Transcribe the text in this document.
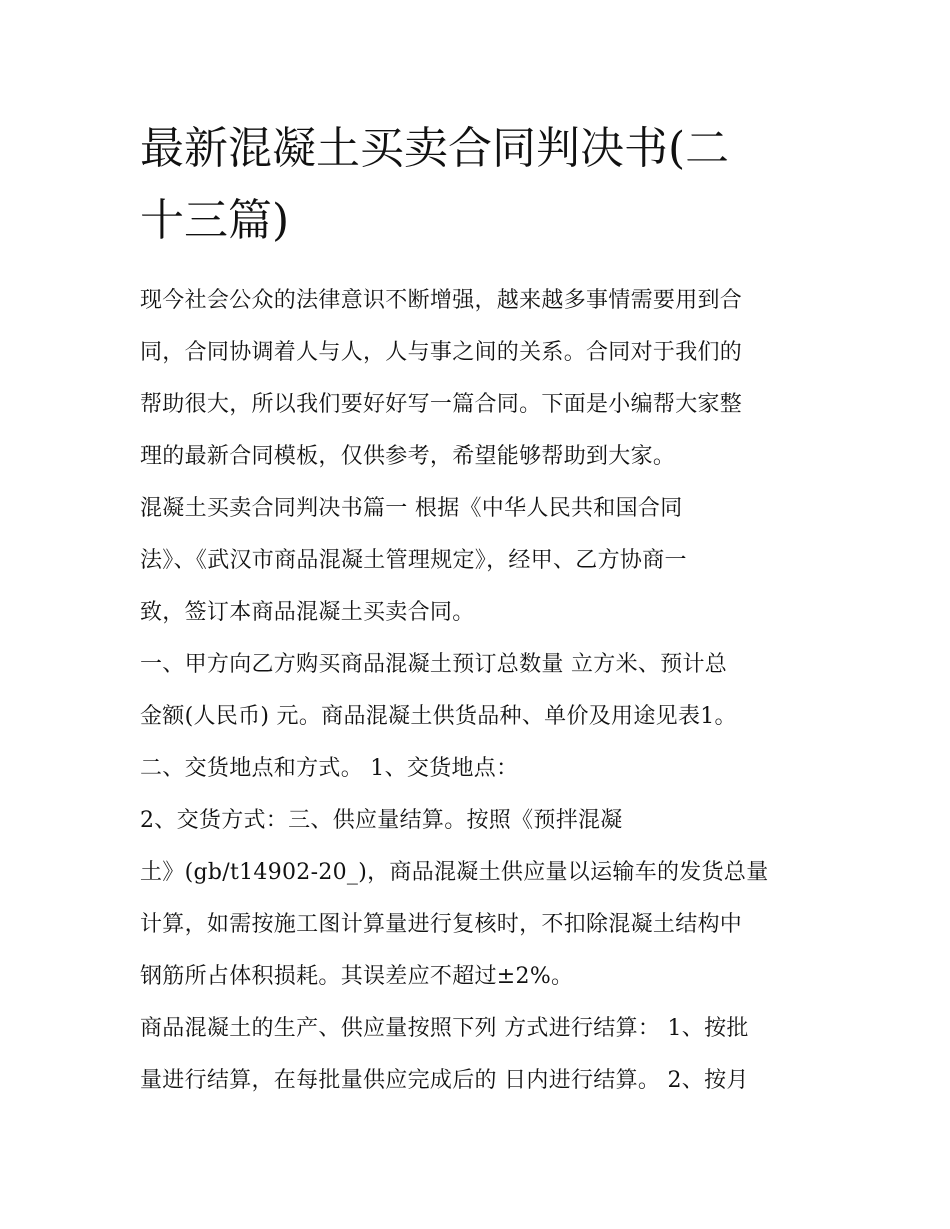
最新混凝土买卖合同判决书(二
十三篇)
现今社会公众的法律意识不断增强，越来越多事情需要用到合
同，合同协调着人与人，人与事之间的关系。合同对于我们的
帮助很大，所以我们要好好写一篇合同。下面是小编帮大家整
理的最新合同模板，仅供参考，希望能够帮助到大家。
混凝土买卖合同判决书篇一 根据《中华人民共和国合同
法》、《武汉市商品混凝土管理规定》，经甲、乙方协商一
致，签订本商品混凝土买卖合同。
一、甲方向乙方购买商品混凝土预订总数量 立方米、预计总
金额(人民币) 元。商品混凝土供货品种、单价及用途见表1。
二、交货地点和方式。 1、交货地点：
2、交货方式：三、供应量结算。按照《预拌混凝
土》(gb/t14902-20_)，商品混凝土供应量以运输车的发货总量
计算，如需按施工图计算量进行复核时，不扣除混凝土结构中
钢筋所占体积损耗。其误差应不超过±2%。
商品混凝土的生产、供应量按照下列 方式进行结算： 1、按批
量进行结算，在每批量供应完成后的 日内进行结算。 2、按月
